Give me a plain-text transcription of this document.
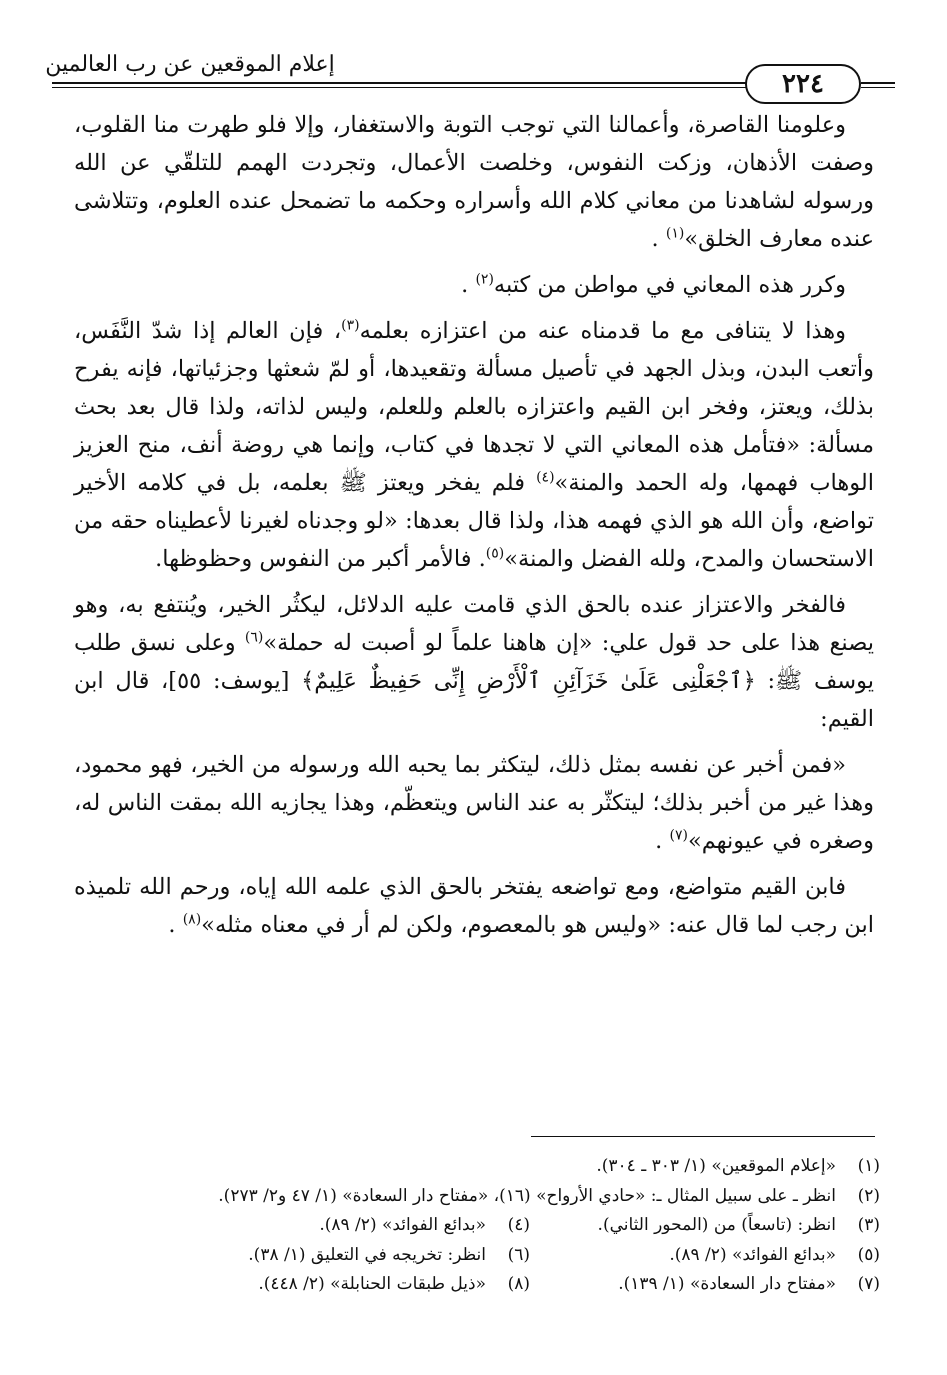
إعلام الموقعين عن رب العالمين
٢٢٤

وعلومنا القاصرة، وأعمالنا التي توجب التوبة والاستغفار، وإلا فلو طهرت منا القلوب، وصفت الأذهان، وزكت النفوس، وخلصت الأعمال، وتجردت الهمم للتلقّي عن الله ورسوله لشاهدنا من معاني كلام الله وأسراره وحكمه ما تضمحل عنده العلوم، وتتلاشى عنده معارف الخلق»$^{(١)}$ .

وكرر هذه المعاني في مواطن من كتبه$^{(٢)}$ .

وهذا لا يتنافى مع ما قدمناه عنه من اعتزازه بعلمه$^{(٣)}$، فإن العالم إذا شدّ النَّفَس، وأتعب البدن، وبذل الجهد في تأصيل مسألة وتقعيدها، أو لمّ شعثها وجزئياتها، فإنه يفرح بذلك، ويعتز، وفخر ابن القيم واعتزازه بالعلم وللعلم، وليس لذاته، ولذا قال بعد بحث مسألة: «فتأمل هذه المعاني التي لا تجدها في كتاب، وإنما هي روضة أنف، منح العزيز الوهاب فهمها، وله الحمد والمنة»$^{(٤)}$ فلم يفخر ويعتز ﷺ بعلمه، بل في كلامه الأخير تواضع، وأن الله هو الذي فهمه هذا، ولذا قال بعدها: «لو وجدناه لغيرنا لأعطيناه حقه من الاستحسان والمدح، ولله الفضل والمنة»$^{(٥)}$. فالأمر أكبر من النفوس وحظوظها.

فالفخر والاعتزاز عنده بالحق الذي قامت عليه الدلائل، ليكثُر الخير، ويُنتفع به، وهو يصنع هذا على حد قول علي: «إن هاهنا علماً لو أصبت له حملة»$^{(٦)}$ وعلى نسق طلب يوسف ﷺ: ﴿ٱجْعَلْنِى عَلَىٰ خَزَآئِنِ ٱلْأَرْضِ إِنِّى حَفِيظٌ عَلِيمٌ﴾ [يوسف: ٥٥]، قال ابن القيم:

«فمن أخبر عن نفسه بمثل ذلك، ليتكثر بما يحبه الله ورسوله من الخير، فهو محمود، وهذا غير من أخبر بذلك؛ ليتكثّر به عند الناس ويتعظّم، وهذا يجازيه الله بمقت الناس له، وصغره في عيونهم»$^{(٧)}$ .

فابن القيم متواضع، ومع تواضعه يفتخر بالحق الذي علمه الله إياه، ورحم الله تلميذه ابن رجب لما قال عنه: «وليس هو بالمعصوم، ولكن لم أر في معناه مثله»$^{(٨)}$ .

(١)
«إعلام الموقعين» (١/ ٣٠٣ ـ ٣٠٤).
(٢)
انظر ـ على سبيل المثال ـ: «حادي الأرواح» (١٦)، «مفتاح دار السعادة» (١/ ٤٧ و٢/ ٢٧٣).
(٣)
انظر: (تاسعاً) من (المحور الثاني).
(٤)
«بدائع الفوائد» (٢/ ٨٩).
(٥)
«بدائع الفوائد» (٢/ ٨٩).
(٦)
انظر: تخريجه في التعليق (١/ ٣٨).
(٧)
«مفتاح دار السعادة» (١/ ١٣٩).
(٨)
«ذيل طبقات الحنابلة» (٢/ ٤٤٨).
